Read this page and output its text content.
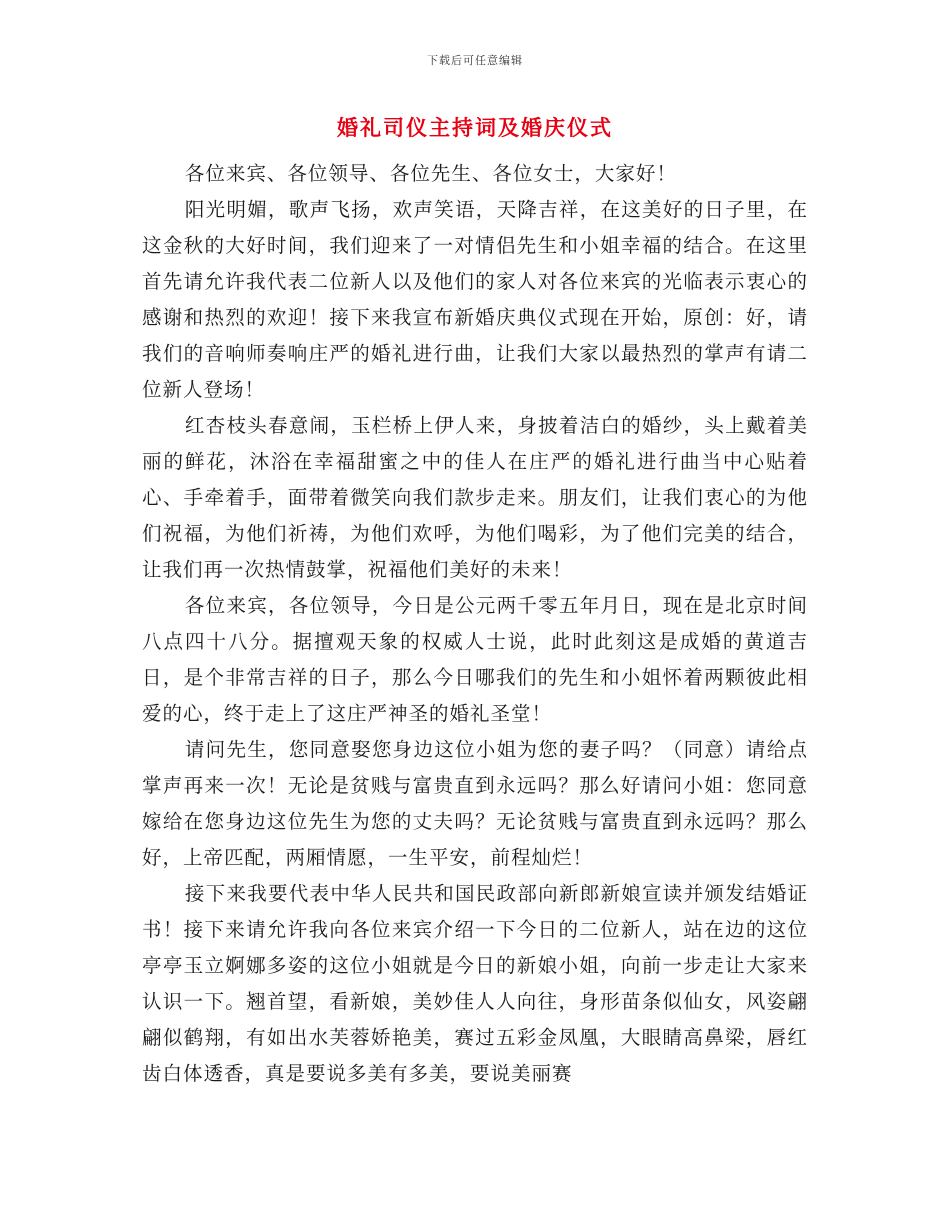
下载后可任意编辑
婚礼司仪主持词及婚庆仪式

各位来宾、各位领导、各位先生、各位女士，大家好！

阳光明媚，歌声飞扬，欢声笑语，天降吉祥，在这美好的日子里，在这金秋的大好时间，我们迎来了一对情侣先生和小姐幸福的结合。在这里首先请允许我代表二位新人以及他们的家人对各位来宾的光临表示衷心的感谢和热烈的欢迎！接下来我宣布新婚庆典仪式现在开始，原创：好，请我们的音响师奏响庄严的婚礼进行曲，让我们大家以最热烈的掌声有请二位新人登场！

红杏枝头春意闹，玉栏桥上伊人来，身披着洁白的婚纱，头上戴着美丽的鲜花，沐浴在幸福甜蜜之中的佳人在庄严的婚礼进行曲当中心贴着心、手牵着手，面带着微笑向我们款步走来。朋友们，让我们衷心的为他们祝福，为他们祈祷，为他们欢呼，为他们喝彩，为了他们完美的结合，让我们再一次热情鼓掌，祝福他们美好的未来！

各位来宾，各位领导，今日是公元两千零五年月日，现在是北京时间八点四十八分。据擅观天象的权威人士说，此时此刻这是成婚的黄道吉日，是个非常吉祥的日子，那么今日哪我们的先生和小姐怀着两颗彼此相爱的心，终于走上了这庄严神圣的婚礼圣堂！

请问先生，您同意娶您身边这位小姐为您的妻子吗？（同意）请给点掌声再来一次！无论是贫贱与富贵直到永远吗？那么好请问小姐：您同意嫁给在您身边这位先生为您的丈夫吗？无论贫贱与富贵直到永远吗？那么好，上帝匹配，两厢情愿，一生平安，前程灿烂！

接下来我要代表中华人民共和国民政部向新郎新娘宣读并颁发结婚证书！接下来请允许我向各位来宾介绍一下今日的二位新人，站在边的这位亭亭玉立婀娜多姿的这位小姐就是今日的新娘小姐，向前一步走让大家来认识一下。翘首望，看新娘，美妙佳人人向往，身形苗条似仙女，风姿翩翩似鹤翔，有如出水芙蓉娇艳美，赛过五彩金凤凰，大眼睛高鼻梁，唇红齿白体透香，真是要说多美有多美，要说美丽赛
